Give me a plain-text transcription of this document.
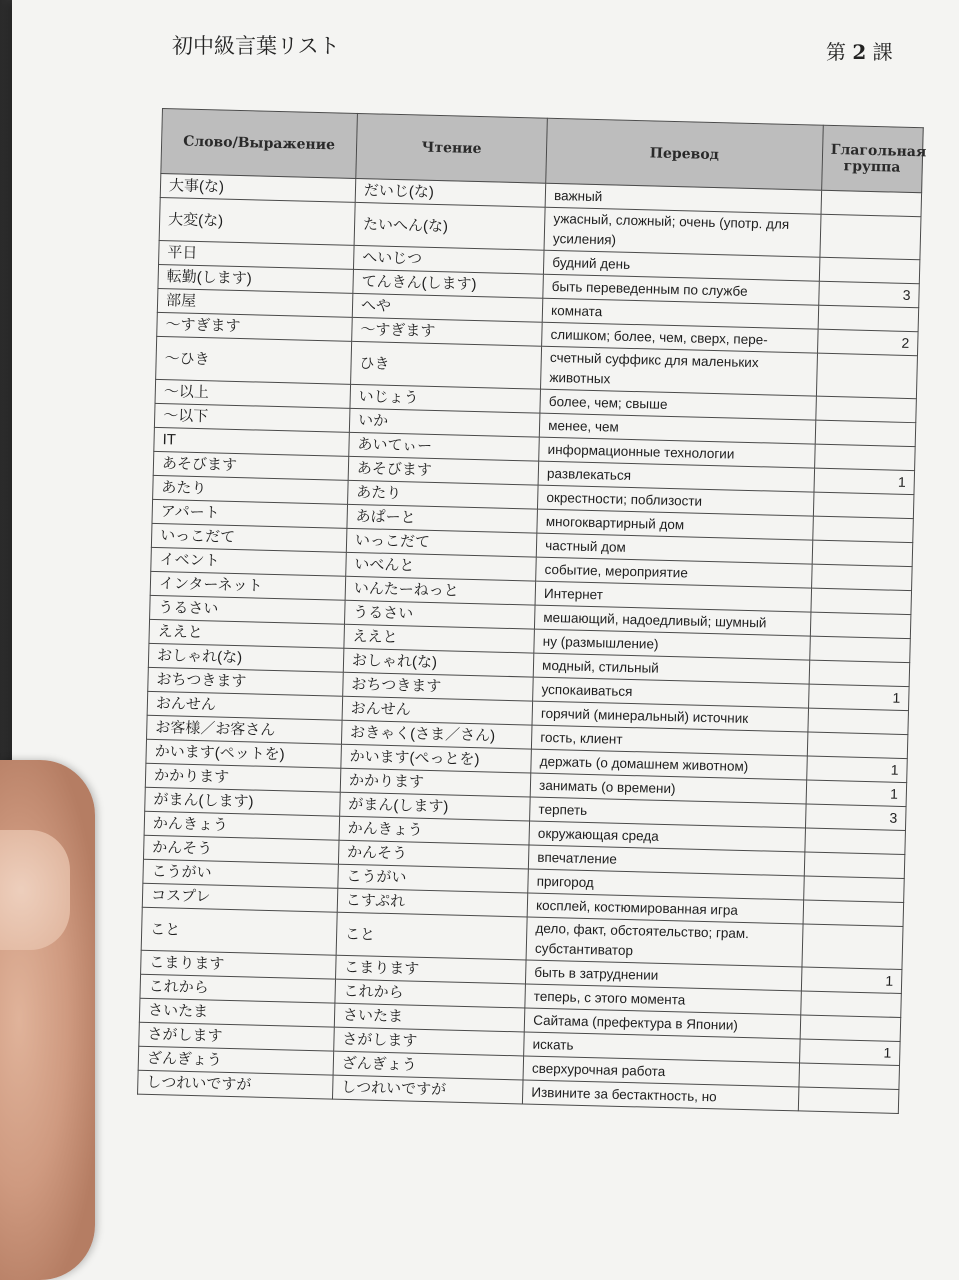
初中級言葉リスト	第 2 課
Слово/Выражение	Чтение	Перевод	Глагольная группа
大事(な)	だいじ(な)	важный	
大変(な)	たいへん(な)	ужасный, сложный; очень (употр. для усиления)	
平日	へいじつ	будний день	
転勤(します)	てんきん(します)	быть переведенным по службе	3
部屋	へや	комната	
～すぎます	～すぎます	слишком; более, чем, сверх, пере-	2
～ひき	ひき	счетный суффикс для маленьких животных	
～以上	いじょう	более, чем; свыше	
～以下	いか	менее, чем	
IT	あいてぃー	информационные технологии	
あそびます	あそびます	развлекаться	1
あたり	あたり	окрестности; поблизости	
アパート	あぱーと	многоквартирный дом	
いっこだて	いっこだて	частный дом	
イベント	いべんと	событие, мероприятие	
インターネット	いんたーねっと	Интернет	
うるさい	うるさい	мешающий, надоедливый; шумный	
ええと	ええと	ну (размышление)	
おしゃれ(な)	おしゃれ(な)	модный, стильный	
おちつきます	おちつきます	успокаиваться	1
おんせん	おんせん	горячий (минеральный) источник	
お客様／お客さん	おきゃく(さま／さん)	гость, клиент	
かいます(ペットを)	かいます(ぺっとを)	держать (о домашнем животном)	1
かかります	かかります	занимать (о времени)	1
がまん(します)	がまん(します)	терпеть	3
かんきょう	かんきょう	окружающая среда	
かんそう	かんそう	впечатление	
こうがい	こうがい	пригород	
コスプレ	こすぷれ	косплей, костюмированная игра	
こと	こと	дело, факт, обстоятельство; грам. субстантиватор	
こまります	こまります	быть в затруднении	1
これから	これから	теперь, с этого момента	
さいたま	さいたま	Сайтама (префектура в Японии)	
さがします	さがします	искать	1
ざんぎょう	ざんぎょう	сверхурочная работа	
しつれいですが	しつれいですが	Извините за бестактность, но	
